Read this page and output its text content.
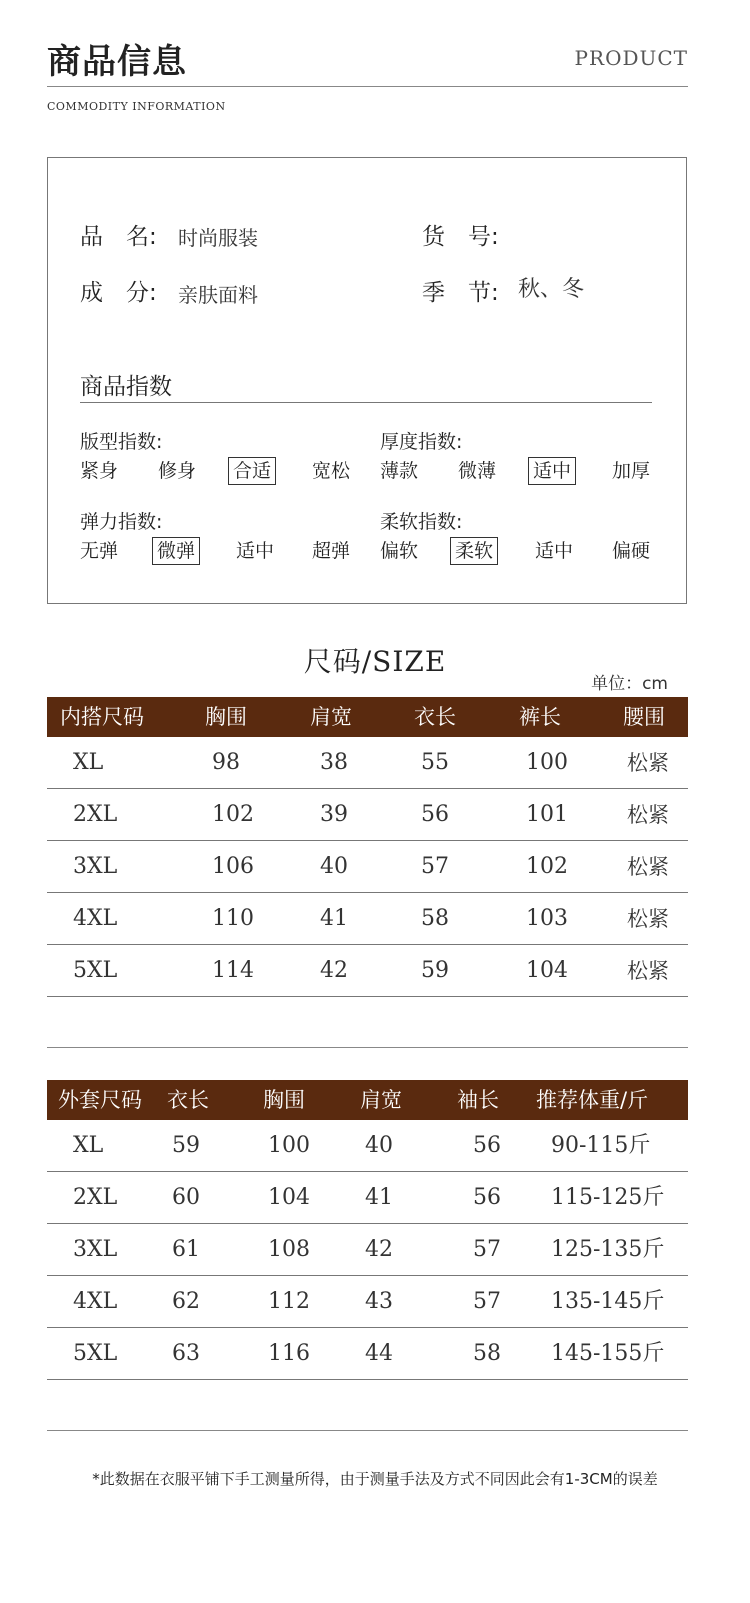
商品信息	PRODUCT
COMMODITY INFORMATION
品　名: 时尚服装	货　号:
成　分: 亲肤面料	季　节: 秋、冬
商品指数
版型指数:
紧身 修身 合适 宽松
厚度指数:
薄款 微薄 适中 加厚
弹力指数:
无弹 微弹 适中 超弹
柔软指数:
偏软 柔软 适中 偏硬
尺码/SIZE
单位：cm
内搭尺码	胸围	肩宽	衣长	裤长	腰围
XL	98	38	55	100	松紧
2XL	102	39	56	101	松紧
3XL	106	40	57	102	松紧
4XL	110	41	58	103	松紧
5XL	114	42	59	104	松紧
外套尺码 衣长	胸围	肩宽	袖长 推荐体重/斤
XL	59	100	40	56 90-115斤
2XL 60	104	41	56 115-125斤
3XL 61	108	42	57 125-135斤
4XL 62	112	43	57 135-145斤
5XL 63	116	44	58 145-155斤
*此数据在衣服平铺下手工测量所得，由于测量手法及方式不同因此会有1-3CM的误差
